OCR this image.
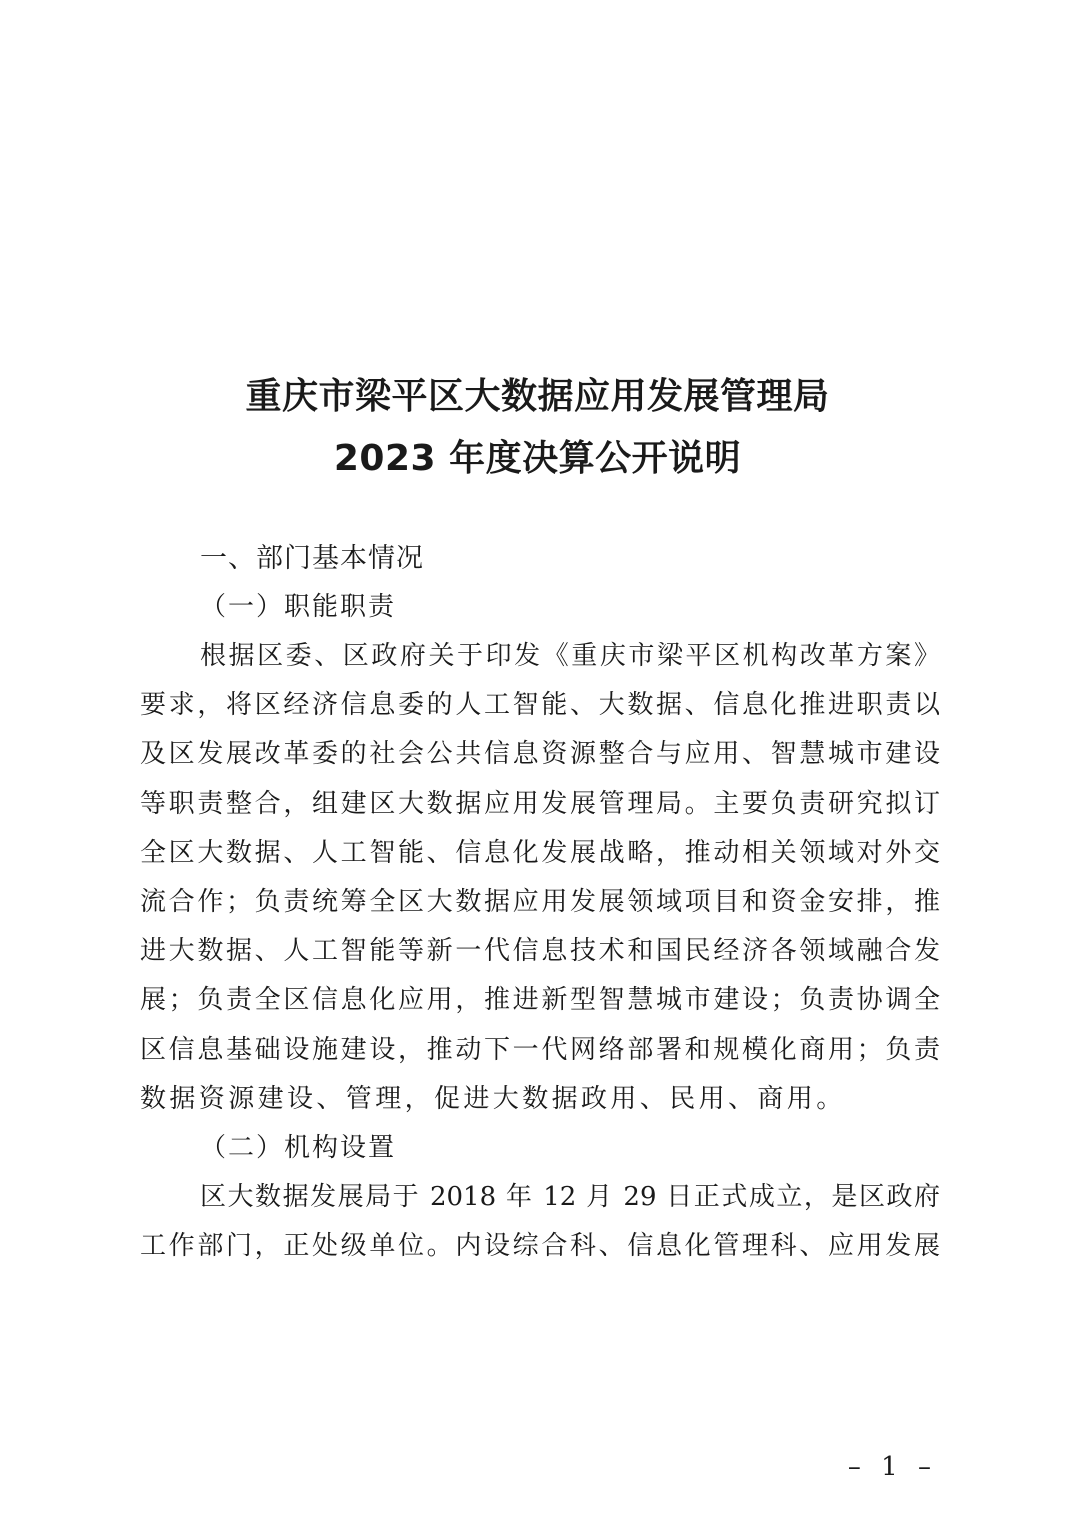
重庆市梁平区大数据应用发展管理局
2023 年度决算公开说明

一、部门基本情况

（一）职能职责

根据区委、区政府关于印发《重庆市梁平区机构改革方案》
要求，将区经济信息委的人工智能、大数据、信息化推进职责以
及区发展改革委的社会公共信息资源整合与应用、智慧城市建设
等职责整合，组建区大数据应用发展管理局。主要负责研究拟订
全区大数据、人工智能、信息化发展战略，推动相关领域对外交
流合作；负责统筹全区大数据应用发展领域项目和资金安排，推
进大数据、人工智能等新一代信息技术和国民经济各领域融合发
展；负责全区信息化应用，推进新型智慧城市建设；负责协调全
区信息基础设施建设，推动下一代网络部署和规模化商用；负责
数据资源建设、管理，促进大数据政用、民用、商用。

（二）机构设置

区大数据发展局于 2018 年 12 月 29 日正式成立，是区政府
工作部门，正处级单位。内设综合科、信息化管理科、应用发展
– 1 –
